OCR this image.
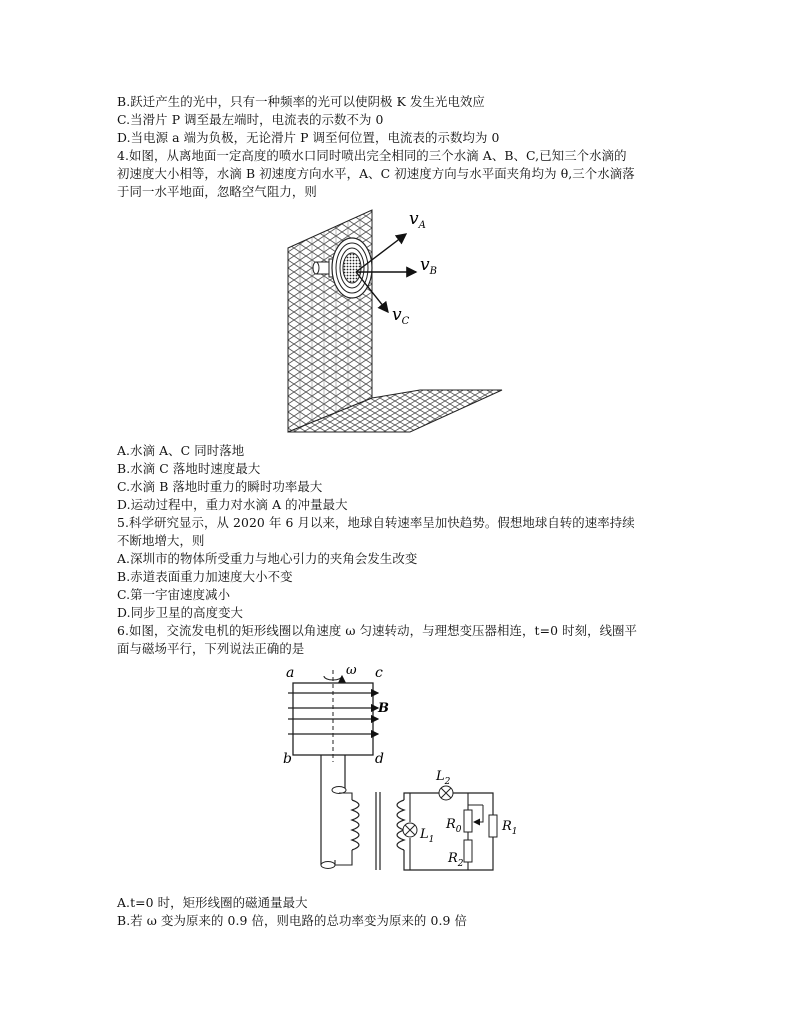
B.跃迁产生的光中，只有一种频率的光可以使阴极 K 发生光电效应
C.当滑片 P 调至最左端时，电流表的示数不为 0
D.当电源 a 端为负极，无论滑片 P 调至何位置，电流表的示数均为 0
4.如图，从离地面一定高度的喷水口同时喷出完全相同的三个水滴 A、B、C,已知三个水滴的
初速度大小相等，水滴 B 初速度方向水平，A、C 初速度方向与水平面夹角均为 θ,三个水滴落
于同一水平地面，忽略空气阻力，则
$v_A$
$v_B$
$v_C$
A.水滴 A、C 同时落地
B.水滴 C 落地时速度最大
C.水滴 B 落地时重力的瞬时功率最大
D.运动过程中，重力对水滴 A 的冲量最大
5.科学研究显示，从 2020 年 6 月以来，地球自转速率呈加快趋势。假想地球自转的速率持续
不断地增大，则
A.深圳市的物体所受重力与地心引力的夹角会发生改变
B.赤道表面重力加速度大小不变
C.第一宇宙速度减小
D.同步卫星的高度变大
6.如图，交流发电机的矩形线圈以角速度 ω 匀速转动，与理想变压器相连，t=0 时刻，线圈平
面与磁场平行，下列说法正确的是
ω
B
a	c
b	d
$L_1$
$L_2$
$R_0$
$R_2$
$R_1$
A.t=0 时，矩形线圈的磁通量最大
B.若 ω 变为原来的 0.9 倍，则电路的总功率变为原来的 0.9 倍
